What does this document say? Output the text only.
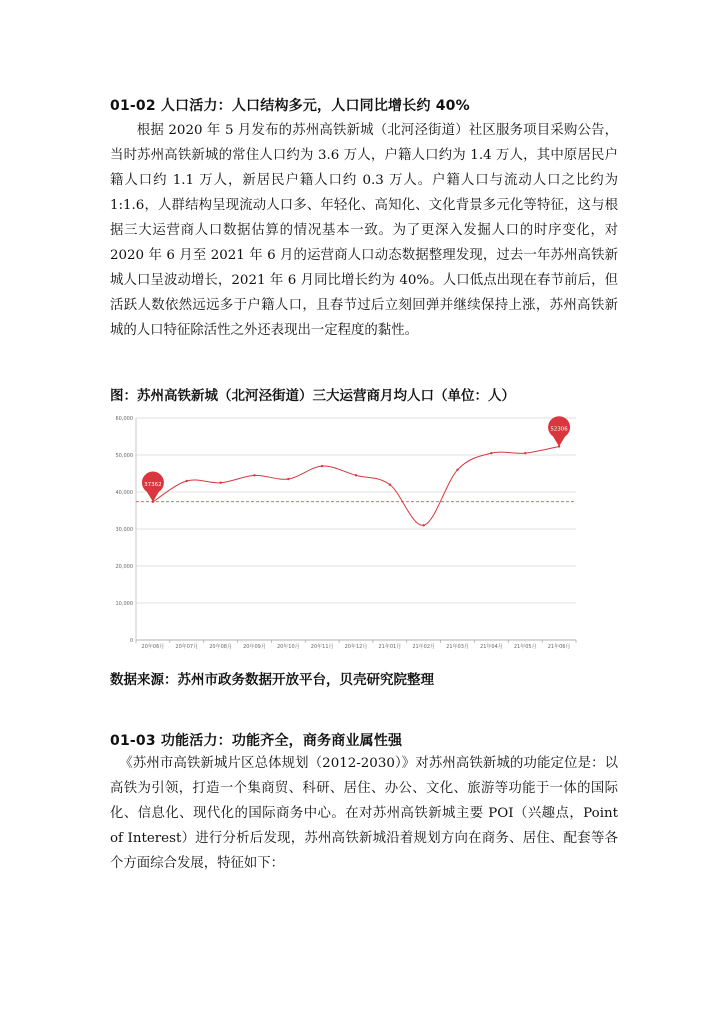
01-02 人口活力：人口结构多元，人口同比增长约 40%

根据 2020 年 5 月发布的苏州高铁新城（北河泾街道）社区服务项目采购公告，当时苏州高铁新城的常住人口约为 3.6 万人，户籍人口约为 1.4 万人，其中原居民户籍人口约 1.1 万人，新居民户籍人口约 0.3 万人。户籍人口与流动人口之比约为 1:1.6，人群结构呈现流动人口多、年轻化、高知化、文化背景多元化等特征，这与根据三大运营商人口数据估算的情况基本一致。为了更深入发掘人口的时序变化，对 2020 年 6 月至 2021 年 6 月的运营商人口动态数据整理发现，过去一年苏州高铁新城人口呈波动增长，2021 年 6 月同比增长约为 40%。人口低点出现在春节前后，但活跃人数依然远远多于户籍人口，且春节过后立刻回弹并继续保持上涨，苏州高铁新城的人口特征除活性之外还表现出一定程度的黏性。

图：苏州高铁新城（北河泾街道）三大运营商月均人口（单位：人）
0
10,000
20,000
30,000
40,000
50,000
60,000
20年06月 20年07月 20年08月 20年09月 20年10月 20年11月 20年12月 21年01月 21年02月 21年03月 21年04月 21年05月 21年06月
37362
52306
数据来源：苏州市政务数据开放平台，贝壳研究院整理
01-03 功能活力：功能齐全，商务商业属性强

《苏州市高铁新城片区总体规划（2012-2030）》对苏州高铁新城的功能定位是：以高铁为引领，打造一个集商贸、科研、居住、办公、文化、旅游等功能于一体的国际化、信息化、现代化的国际商务中心。在对苏州高铁新城主要 POI（兴趣点，Point of Interest）进行分析后发现，苏州高铁新城沿着规划方向在商务、居住、配套等各个方面综合发展，特征如下：
